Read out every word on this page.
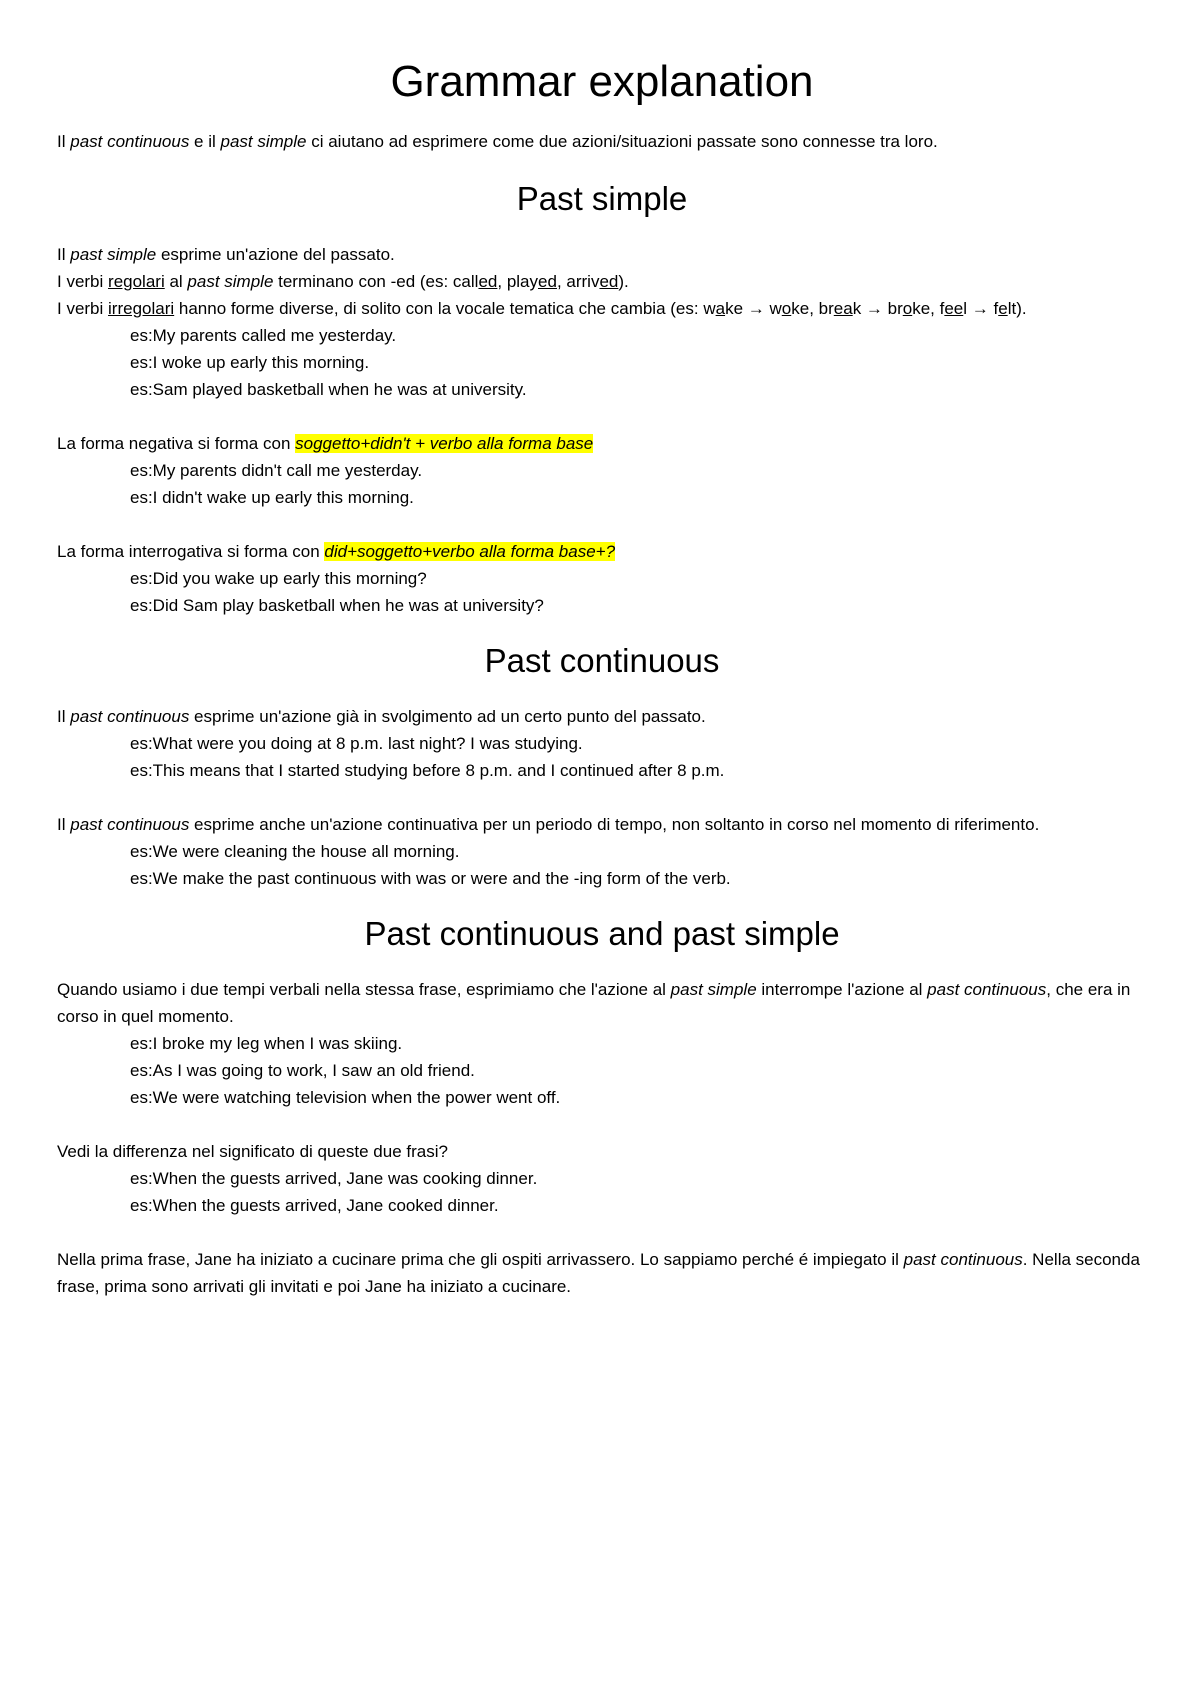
Grammar explanation

Il past continuous e il past simple ci aiutano ad esprimere come due azioni/situazioni passate sono connesse tra loro.

Past simple

Il past simple esprime un'azione del passato.

I verbi regolari al past simple terminano con -ed (es: called, played, arrived).

I verbi irregolari hanno forme diverse, di solito con la vocale tematica che cambia (es: wake → woke, break → broke, feel → felt).

es:My parents called me yesterday.

es:I woke up early this morning.

es:Sam played basketball when he was at university.

La forma negativa si forma con soggetto+didn't + verbo alla forma base

es:My parents didn't call me yesterday.

es:I didn't wake up early this morning.

La forma interrogativa si forma con did+soggetto+verbo alla forma base+?

es:Did you wake up early this morning?

es:Did Sam play basketball when he was at university?

Past continuous

Il past continuous esprime un'azione già in svolgimento ad un certo punto del passato.

es:What were you doing at 8 p.m. last night? I was studying.

es:This means that I started studying before 8 p.m. and I continued after 8 p.m.

Il past continuous esprime anche un'azione continuativa per un periodo di tempo, non soltanto in corso nel momento di riferimento.

es:We were cleaning the house all morning.

es:We make the past continuous with was or were and the -ing form of the verb.

Past continuous and past simple

Quando usiamo i due tempi verbali nella stessa frase, esprimiamo che l'azione al past simple interrompe l'azione al past continuous, che era in corso in quel momento.

es:I broke my leg when I was skiing.

es:As I was going to work, I saw an old friend.

es:We were watching television when the power went off.

Vedi la differenza nel significato di queste due frasi?

es:When the guests arrived, Jane was cooking dinner.

es:When the guests arrived, Jane cooked dinner.

Nella prima frase, Jane ha iniziato a cucinare prima che gli ospiti arrivassero. Lo sappiamo perché é impiegato il past continuous. Nella seconda frase, prima sono arrivati gli invitati e poi Jane ha iniziato a cucinare.
